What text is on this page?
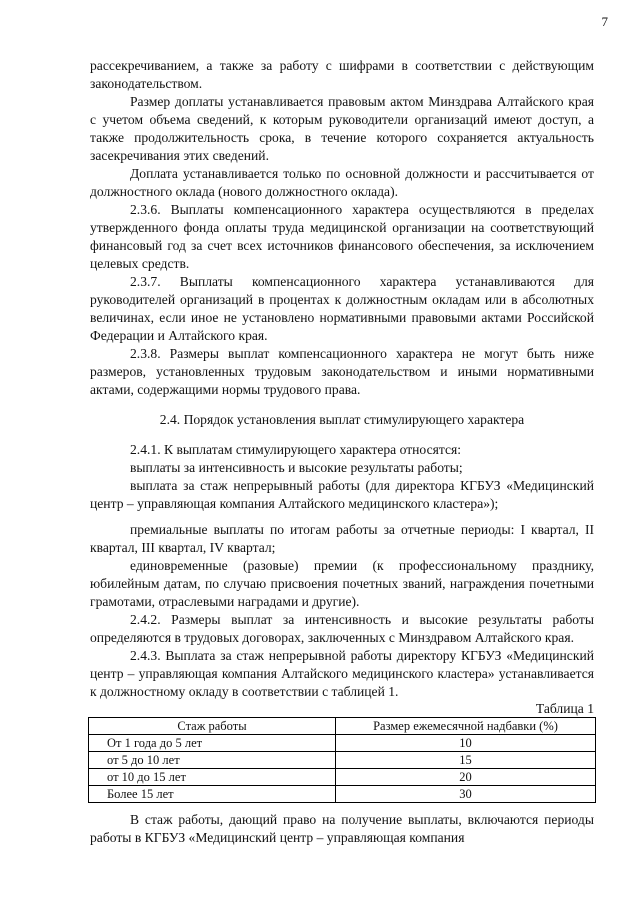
7

рассекречиванием, а также за работу с шифрами в соответствии с действующим законодательством.

Размер доплаты устанавливается правовым актом Минздрава Алтайского края с учетом объема сведений, к которым руководители организаций имеют доступ, а также продолжительность срока, в течение которого сохраняется актуальность засекречивания этих сведений.

Доплата устанавливается только по основной должности и рассчитывается от должностного оклада (нового должностного оклада).

2.3.6. Выплаты компенсационного характера осуществляются в пределах утвержденного фонда оплаты труда медицинской организации на соответствующий финансовый год за счет всех источников финансового обеспечения, за исключением целевых средств.

2.3.7. Выплаты компенсационного характера устанавливаются для руководителей организаций в процентах к должностным окладам или в абсолютных величинах, если иное не установлено нормативными правовыми актами Российской Федерации и Алтайского края.

2.3.8. Размеры выплат компенсационного характера не могут быть ниже размеров, установленных трудовым законодательством и иными нормативными актами, содержащими нормы трудового права.

2.4. Порядок установления выплат стимулирующего характера

2.4.1. К выплатам стимулирующего характера относятся:

выплаты за интенсивность и высокие результаты работы;

выплата за стаж непрерывный работы (для директора КГБУЗ «Медицинский центр – управляющая компания Алтайского медицинского кластера»);

премиальные выплаты по итогам работы за отчетные периоды: I квартал, II квартал, III квартал, IV квартал;

единовременные (разовые) премии (к профессиональному празднику, юбилейным датам, по случаю присвоения почетных званий, награждения почетными грамотами, отраслевыми наградами и другие).

2.4.2. Размеры выплат за интенсивность и высокие результаты работы определяются в трудовых договорах, заключенных с Минздравом Алтайского края.

2.4.3. Выплата за стаж непрерывной работы директору КГБУЗ «Медицинский центр – управляющая компания Алтайского медицинского кластера» устанавливается к должностному окладу в соответствии с таблицей 1.

Таблица 1

Стаж работы	Размер ежемесячной надбавки (%)
От 1 года до 5 лет	10
от 5 до 10 лет	15
от 10 до 15 лет	20
Более 15 лет	30

В стаж работы, дающий право на получение выплаты, включаются периоды работы в КГБУЗ «Медицинский центр – управляющая компания
